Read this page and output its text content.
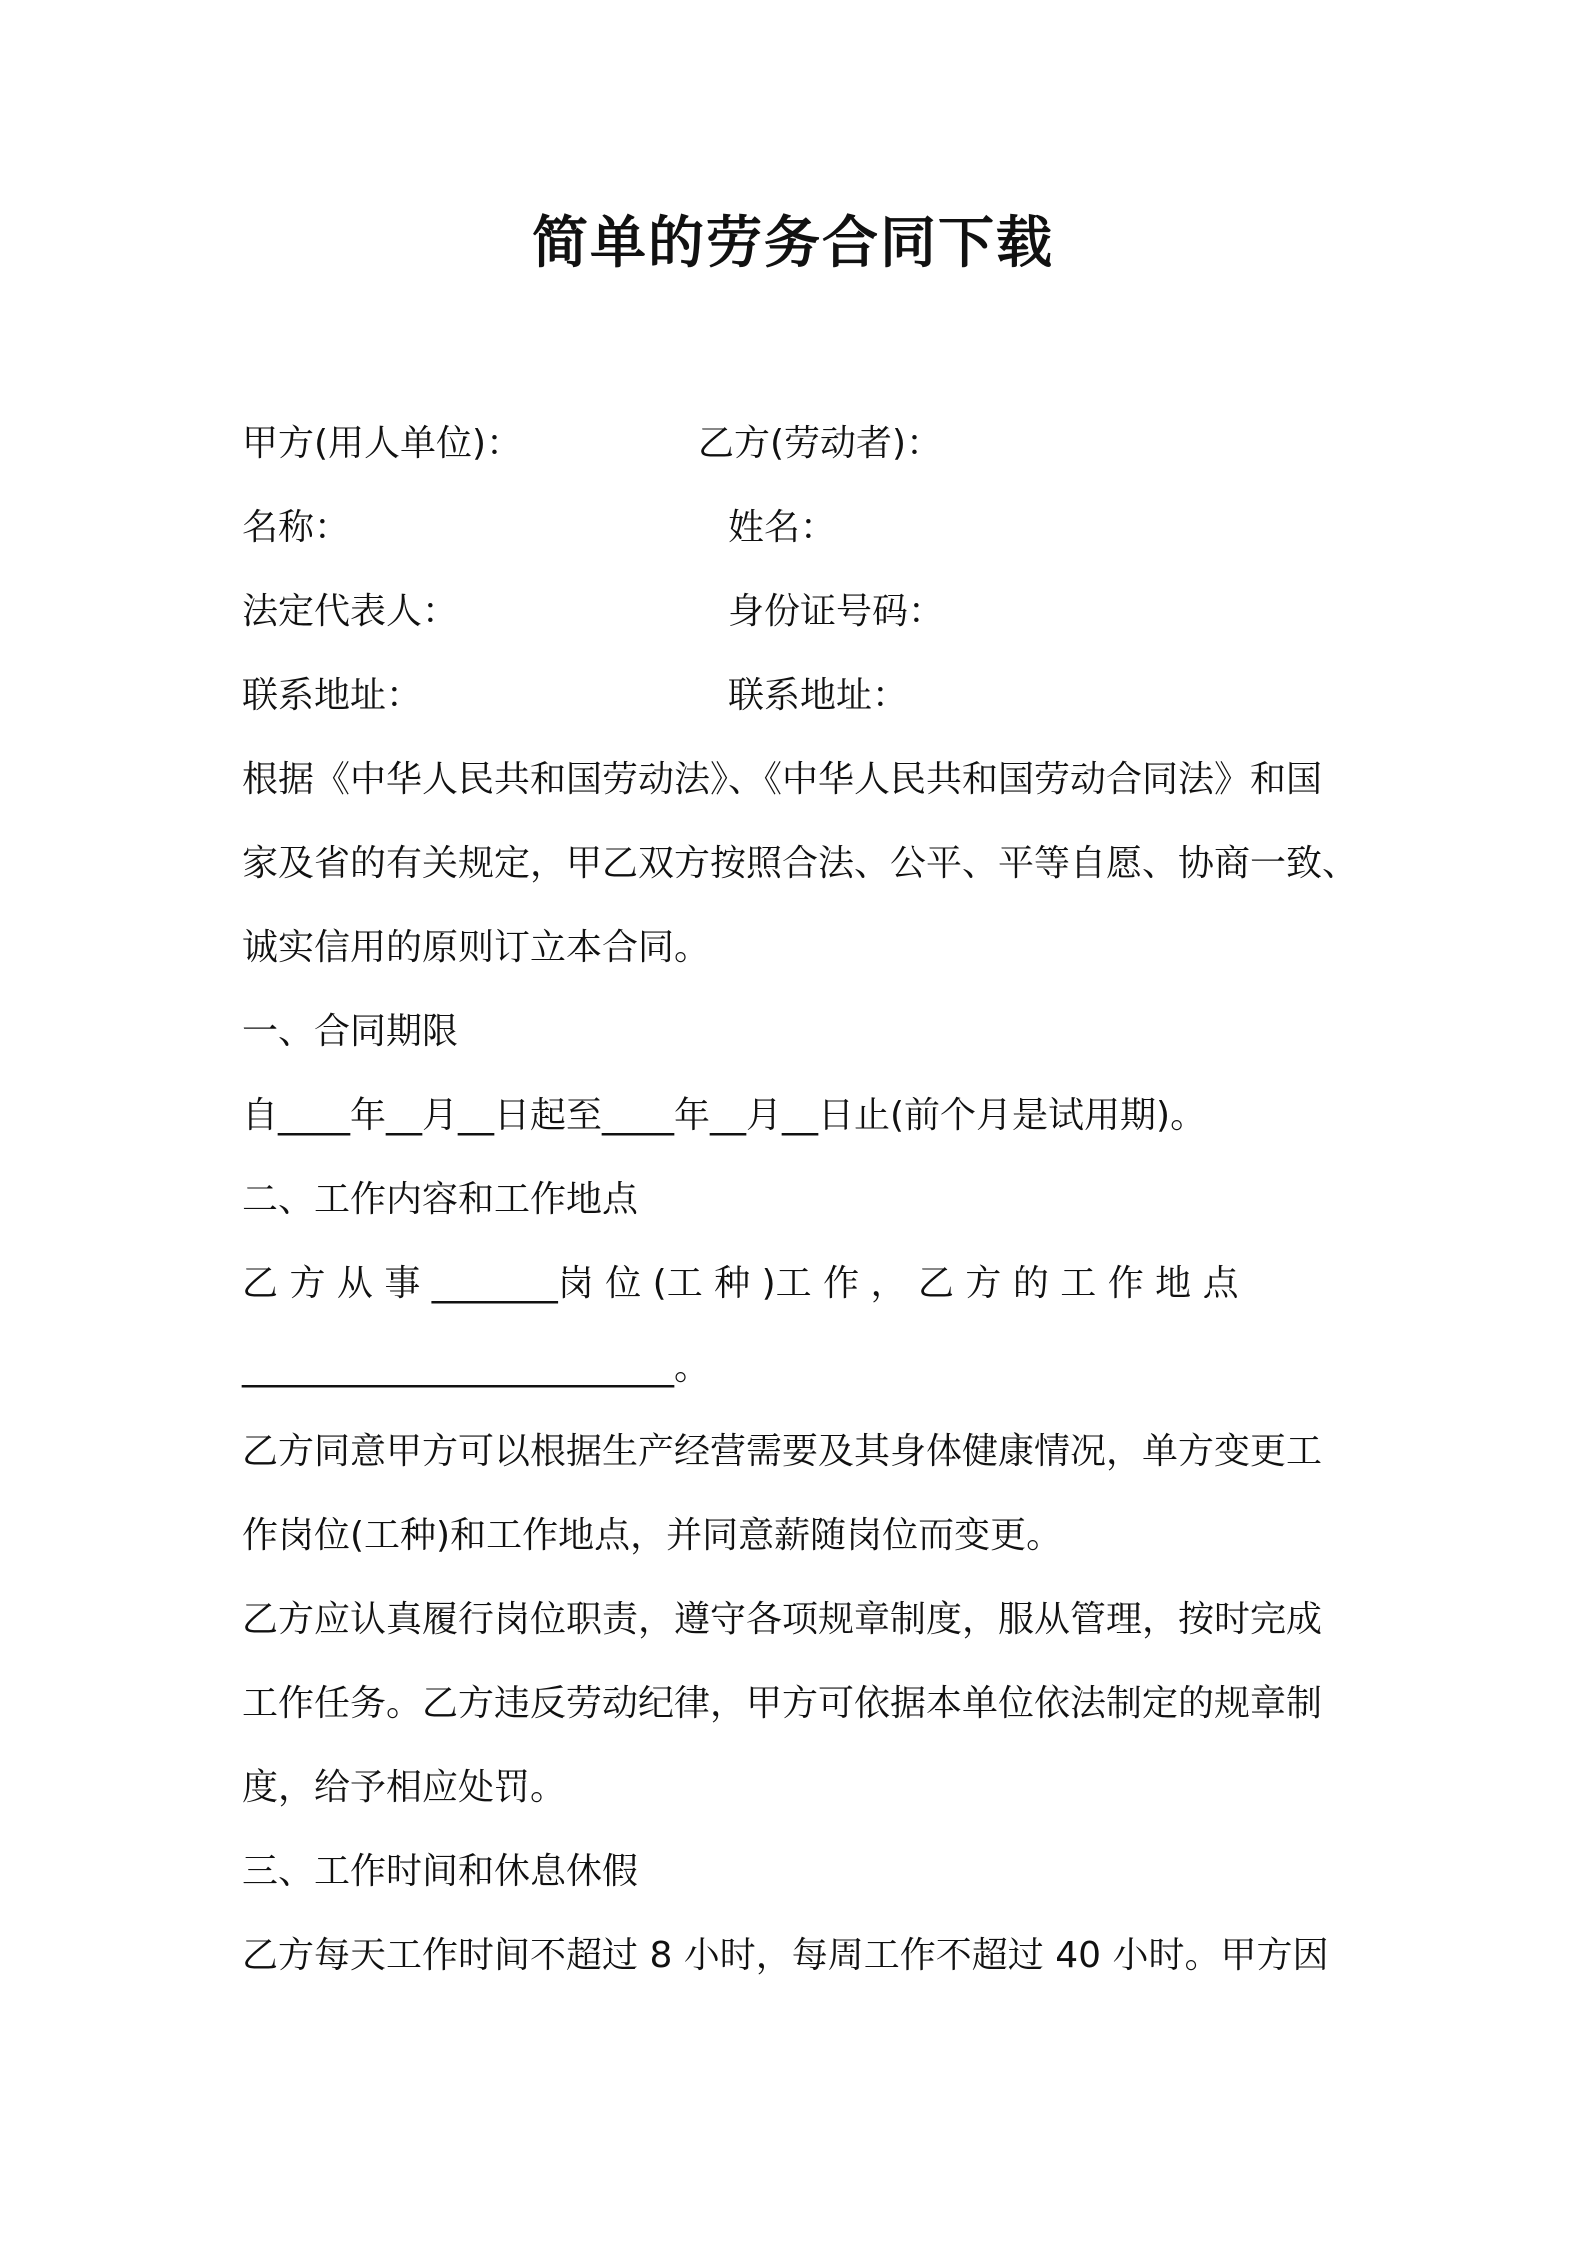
简单的劳务合同下载
甲方(用人单位)：	乙方(劳动者)：
名称：	姓名：
法定代表人：	身份证号码：
联系地址：	联系地址：
根据《中华人民共和国劳动法》、《中华人民共和国劳动合同法》和国
家及省的有关规定，甲乙双方按照合法、公平、平等自愿、协商一致、
诚实信用的原则订立本合同。
一、合同期限
自____年__月__日起至____年__月__日止(前个月是试用期)。
二、工作内容和工作地点
乙 方 从 事 _______岗 位 (工 种 )工 作 ， 乙 方 的 工 作 地 点
________________________。
乙方同意甲方可以根据生产经营需要及其身体健康情况，单方变更工
作岗位(工种)和工作地点，并同意薪随岗位而变更。
乙方应认真履行岗位职责，遵守各项规章制度，服从管理，按时完成
工作任务。乙方违反劳动纪律，甲方可依据本单位依法制定的规章制
度，给予相应处罚。
三、工作时间和休息休假
乙方每天工作时间不超过 8 小时，每周工作不超过 40 小时。甲方因
